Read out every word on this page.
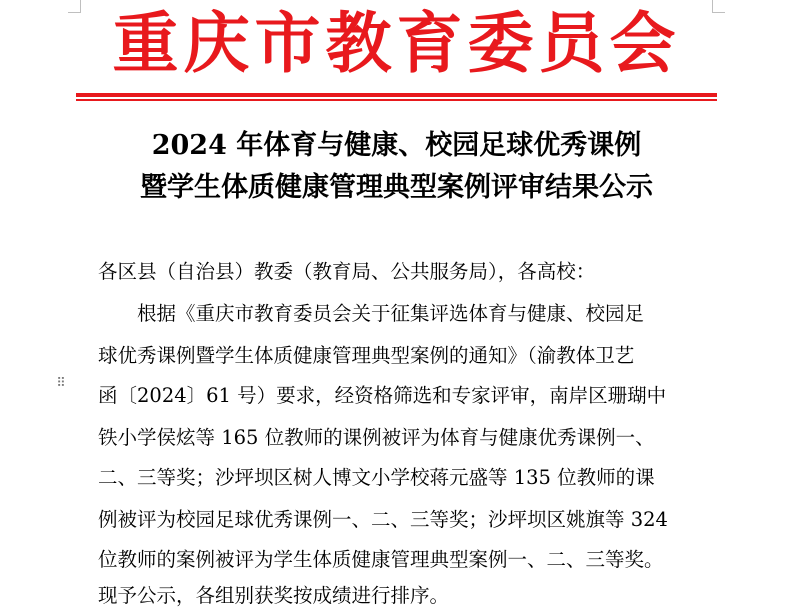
重庆市教育委员会
2024 年体育与健康、校园足球优秀课例
暨学生体质健康管理典型案例评审结果公示
各区县（自治县）教委（教育局、公共服务局），各高校：
根据《重庆市教育委员会关于征集评选体育与健康、校园足
球优秀课例暨学生体质健康管理典型案例的通知》（渝教体卫艺
函〔2024〕61 号）要求，经资格筛选和专家评审，南岸区珊瑚中
铁小学侯炫等 165 位教师的课例被评为体育与健康优秀课例一、
二、三等奖；沙坪坝区树人博文小学校蒋元盛等 135 位教师的课
例被评为校园足球优秀课例一、二、三等奖；沙坪坝区姚旗等 324
位教师的案例被评为学生体质健康管理典型案例一、二、三等奖。
现予公示，各组别获奖按成绩进行排序。
⠿
